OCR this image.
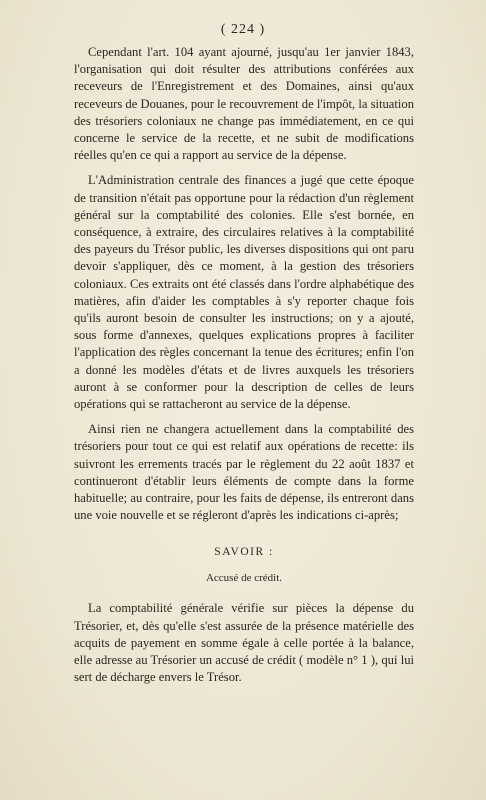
( 224 )

Cependant l'art. 104 ayant ajourné, jusqu'au 1er janvier 1843, l'organisation qui doit résulter des attributions conférées aux receveurs de l'Enregistrement et des Domaines, ainsi qu'aux receveurs de Douanes, pour le recouvrement de l'impôt, la situation des trésoriers coloniaux ne change pas immédiatement, en ce qui concerne le service de la recette, et ne subit de modifications réelles qu'en ce qui a rapport au service de la dépense.

L'Administration centrale des finances a jugé que cette époque de transition n'était pas opportune pour la rédaction d'un règlement général sur la comptabilité des colonies. Elle s'est bornée, en conséquence, à extraire, des circulaires relatives à la comptabilité des payeurs du Trésor public, les diverses dispositions qui ont paru devoir s'appliquer, dès ce moment, à la gestion des trésoriers coloniaux. Ces extraits ont été classés dans l'ordre alphabétique des matières, afin d'aider les comptables à s'y reporter chaque fois qu'ils auront besoin de consulter les instructions; on y a ajouté, sous forme d'annexes, quelques explications propres à faciliter l'application des règles concernant la tenue des écritures; enfin l'on a donné les modèles d'états et de livres auxquels les trésoriers auront à se conformer pour la description de celles de leurs opérations qui se rattacheront au service de la dépense.

Ainsi rien ne changera actuellement dans la comptabilité des trésoriers pour tout ce qui est relatif aux opérations de recette: ils suivront les errements tracés par le règlement du 22 août 1837 et continueront d'établir leurs éléments de compte dans la forme habituelle; au contraire, pour les faits de dépense, ils entreront dans une voie nouvelle et se régleront d'après les indications ci-après;

SAVOIR :

Accusé de crédit.

La comptabilité générale vérifie sur pièces la dépense du Trésorier, et, dès qu'elle s'est assurée de la présence matérielle des acquits de payement en somme égale à celle portée à la balance, elle adresse au Trésorier un accusé de crédit ( modèle n° 1 ), qui lui sert de décharge envers le Trésor.
